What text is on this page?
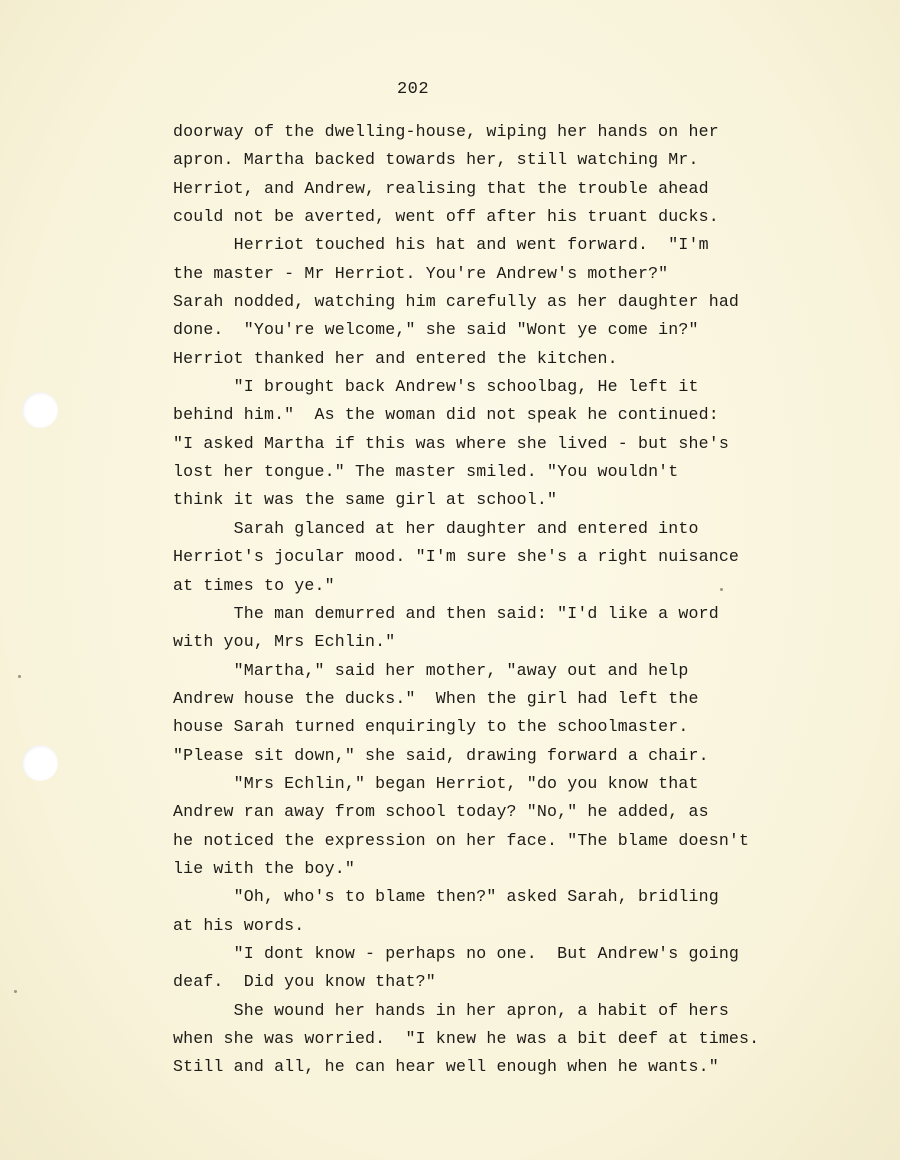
202
doorway of the dwelling-house, wiping her hands on her
apron. Martha backed towards her, still watching Mr.
Herriot, and Andrew, realising that the trouble ahead
could not be averted, went off after his truant ducks.
Herriot touched his hat and went forward.  "I'm
the master - Mr Herriot. You're Andrew's mother?"
Sarah nodded, watching him carefully as her daughter had
done.  "You're welcome," she said "Wont ye come in?"
Herriot thanked her and entered the kitchen.
"I brought back Andrew's schoolbag, He left it
behind him."  As the woman did not speak he continued:
"I asked Martha if this was where she lived - but she's
lost her tongue." The master smiled. "You wouldn't
think it was the same girl at school."
Sarah glanced at her daughter and entered into
Herriot's jocular mood. "I'm sure she's a right nuisance
at times to ye."
The man demurred and then said: "I'd like a word
with you, Mrs Echlin."
"Martha," said her mother, "away out and help
Andrew house the ducks."  When the girl had left the
house Sarah turned enquiringly to the schoolmaster.
"Please sit down," she said, drawing forward a chair.
"Mrs Echlin," began Herriot, "do you know that
Andrew ran away from school today? "No," he added, as
he noticed the expression on her face. "The blame doesn't
lie with the boy."
"Oh, who's to blame then?" asked Sarah, bridling
at his words.
"I dont know - perhaps no one.  But Andrew's going
deaf.  Did you know that?"
She wound her hands in her apron, a habit of hers
when she was worried.  "I knew he was a bit deef at times.
Still and all, he can hear well enough when he wants."
